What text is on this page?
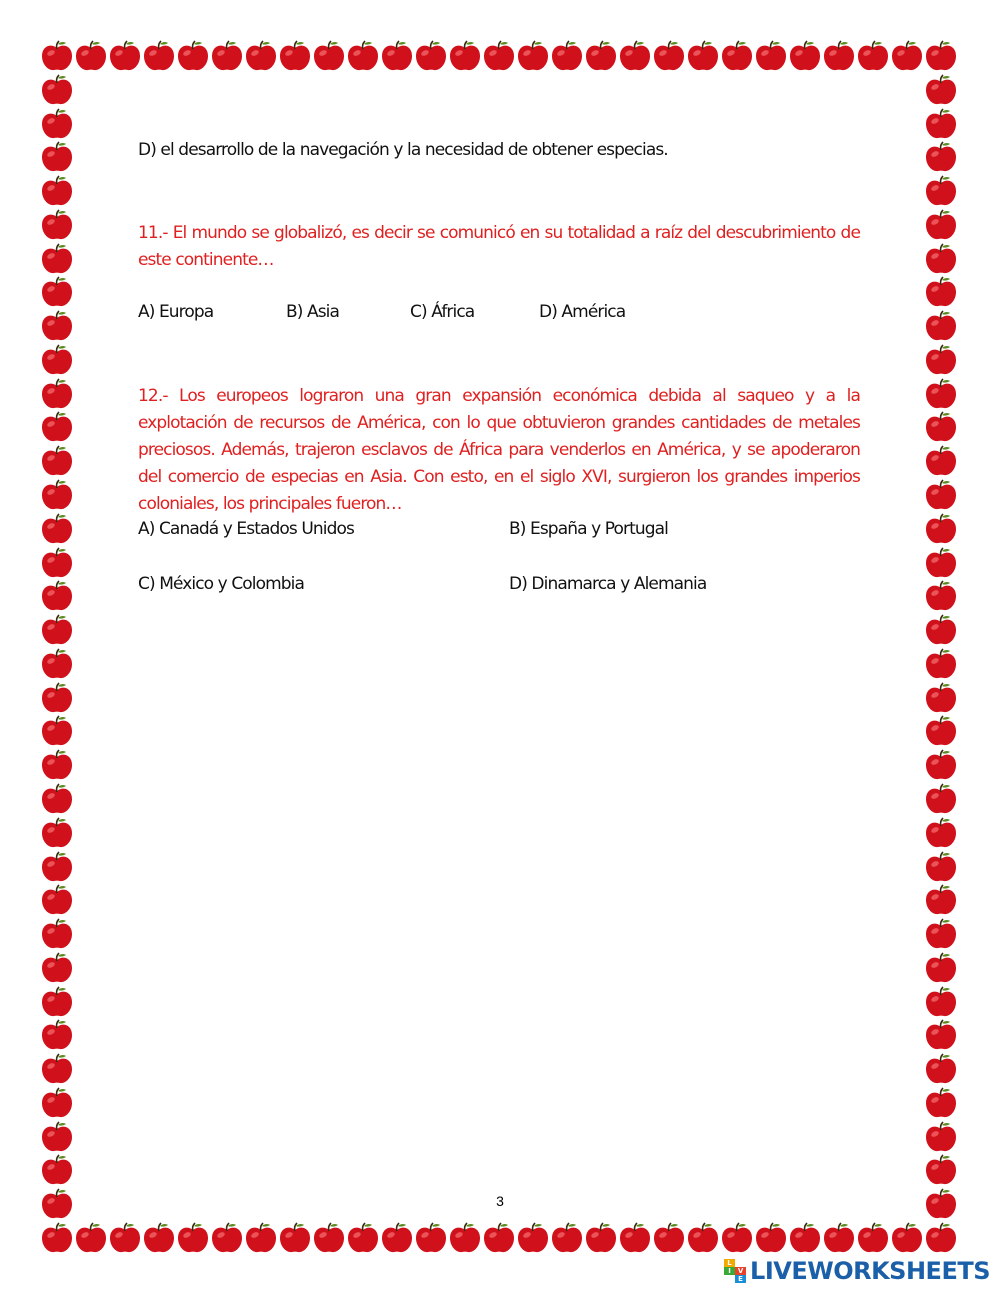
D) el desarrollo de la navegación y la necesidad de obtener especias.
11.- El mundo se globalizó, es decir se comunicó en su totalidad a raíz del descubrimiento de este continente…
A) Europa	B) Asia	C) África	D) América
12.- Los europeos lograron una gran expansión económica debida al saqueo y a la explotación de recursos de América, con lo que obtuvieron grandes cantidades de metales preciosos. Además, trajeron esclavos de África para venderlos en América, y se apoderaron del comercio de especias en Asia. Con esto, en el siglo XVI, surgieron los grandes imperios coloniales, los principales fueron…
A) Canadá y Estados Unidos	B) España y Portugal
C) México y Colombia	D) Dinamarca y Alemania
3
L
I V
E LIVEWORKSHEETS
